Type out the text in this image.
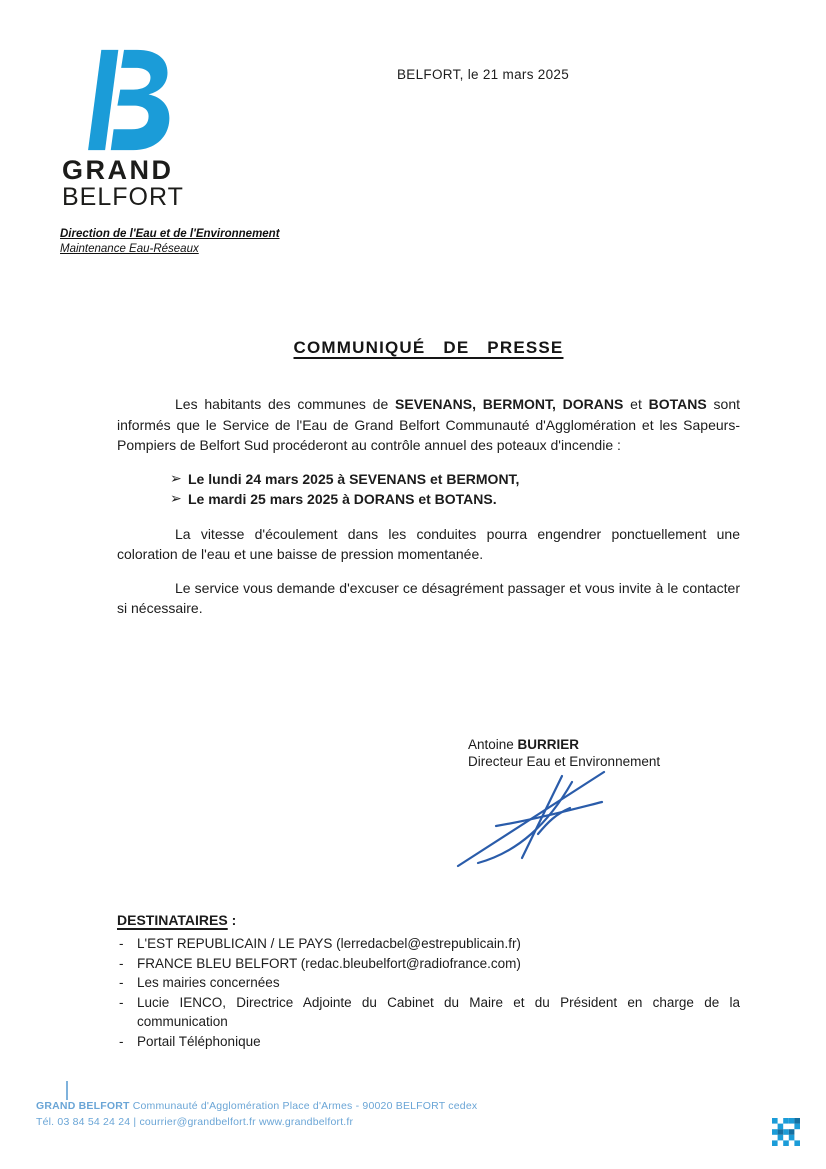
BELFORT, le 21 mars 2025
GRAND
BELFORT
Direction de l'Eau et de l'Environnement
Maintenance Eau-Réseaux
COMMUNIQUÉ DE PRESSE

Les habitants des communes de SEVENANS, BERMONT, DORANS et BOTANS sont informés que le Service de l'Eau de Grand Belfort Communauté d'Agglomération et les Sapeurs-Pompiers de Belfort Sud procéderont au contrôle annuel des poteaux d'incendie :

➢ Le lundi 24 mars 2025 à SEVENANS et BERMONT,
➢ Le mardi 25 mars 2025 à DORANS et BOTANS.

La vitesse d'écoulement dans les conduites pourra engendrer ponctuellement une coloration de l'eau et une baisse de pression momentanée.

Le service vous demande d'excuser ce désagrément passager et vous invite à le contacter si nécessaire.

Antoine BURRIER
Directeur Eau et Environnement
DESTINATAIRES :
- L'EST REPUBLICAIN / LE PAYS (lerredacbel@estrepublicain.fr)
- FRANCE BLEU BELFORT (redac.bleubelfort@radiofrance.com)
- Les mairies concernées
- Lucie IENCO, Directrice Adjointe du Cabinet du Maire et du Président en charge de la communication
- Portail Téléphonique
GRAND BELFORT Communauté d'Agglomération Place d'Armes - 90020 BELFORT cedex
Tél. 03 84 54 24 24 | courrier@grandbelfort.fr www.grandbelfort.fr
